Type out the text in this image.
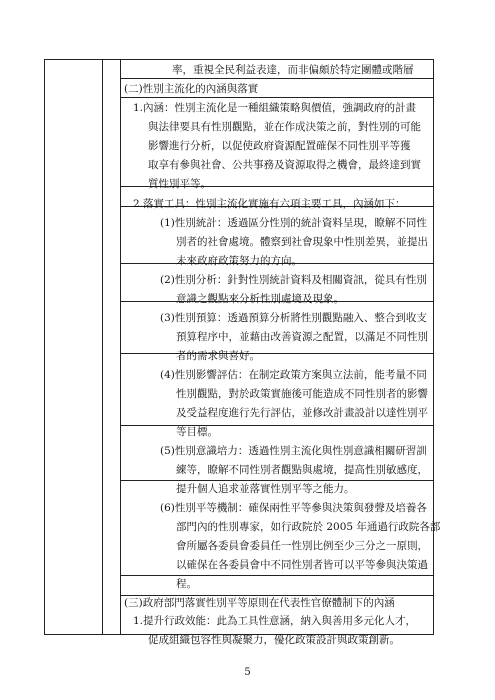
率，重視全民利益表達，而非偏頗於特定團體或階層
(二)性別主流化的內涵與落實
1.內涵：性別主流化是一種組織策略與價值，強調政府的計畫
與法律要具有性別觀點，並在作成決策之前，對性別的可能
影響進行分析，以促使政府資源配置確保不同性別平等獲
取享有參與社會、公共事務及資源取得之機會，最終達到實
質性別平等。
2.落實工具：性別主流化實施有六項主要工具，內涵如下：
(1)性別統計：透過區分性別的統計資料呈現，瞭解不同性
別者的社會處境。體察到社會現象中性別差異，並提出
未來政府政策努力的方向。
(2)性別分析：針對性別統計資料及相關資訊，從具有性別
意識之觀點來分析性別處境及現象。
(3)性別預算：透過預算分析將性別觀點融入、整合到收支
預算程序中，並藉由改善資源之配置，以滿足不同性別
者的需求與喜好。
(4)性別影響評估：在制定政策方案與立法前，能考量不同
性別觀點，對於政策實施後可能造成不同性別者的影響
及受益程度進行先行評估，並修改計畫設計以達性別平
等目標。
(5)性別意識培力：透過性別主流化與性別意識相關研習訓
練等，瞭解不同性別者觀點與處境，提高性別敏感度，
提升個人追求並落實性別平等之能力。
(6)性別平等機制：確保兩性平等參與決策與發聲及培養各
部門內的性別專家，如行政院於 2005 年通過行政院各部
會所屬各委員會委員任一性別比例至少三分之一原則，
以確保在各委員會中不同性別者皆可以平等參與決策過
程。
(三)政府部門落實性別平等原則在代表性官僚體制下的內涵
1.提升行政效能：此為工具性意涵，納入與善用多元化人才，
促成組織包容性與凝聚力，優化政策設計與政策創新。
5
